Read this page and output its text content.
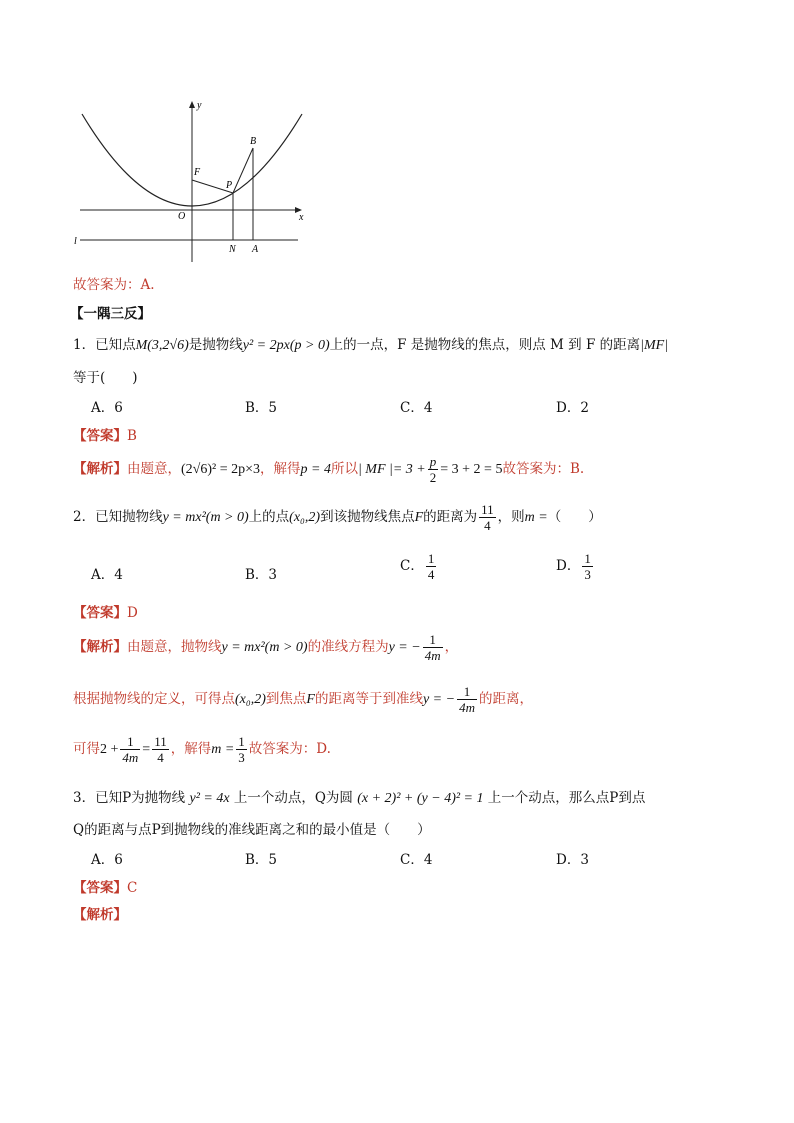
y
x
O
F
P
B
N A
l
故答案为：A.
【一隅三反】
1．已知点M(3,2√6)是抛物线y² = 2px(p > 0)上的一点，F 是抛物线的焦点，则点 M 到 F 的距离|MF|
等于(　　)
A．6	B．5	C．4	D．2
【答案】B
【解析】由题意，(2√6)² = 2p×3，解得p = 4所以| MF |= $3 + \frac{p}{2} = 3 + 2 = 5$故答案为：B.
2．已知抛物线y = mx²(m > 0)上的点(x₀,2)到该抛物线焦点F的距离为 $\frac{11}{4}$ ，则m =（　　）
A．4	B．3
C． $\frac{1}{4}$	D． $\frac{1}{3}$
【答案】D
【解析】由题意，抛物线y = mx²(m > 0)的准线方程为y = − $\frac{1}{4m}$ ，
根据抛物线的定义，可得点(x₀,2)到焦点F的距离等于到准线y = − $\frac{1}{4m}$ 的距离，
可得$2 + \frac{1}{4m} = \frac{11}{4}$ ，解得$m = \frac{1}{3}$ 故答案为：D.
3．已知P为抛物线 y² = 4x 上一个动点，Q为圆 (x + 2)² + (y − 4)² = 1 上一个动点，那么点P到点
Q的距离与点P到抛物线的准线距离之和的最小值是（　　）
A．6	B．5	C．4	D．3
【答案】C
【解析】
